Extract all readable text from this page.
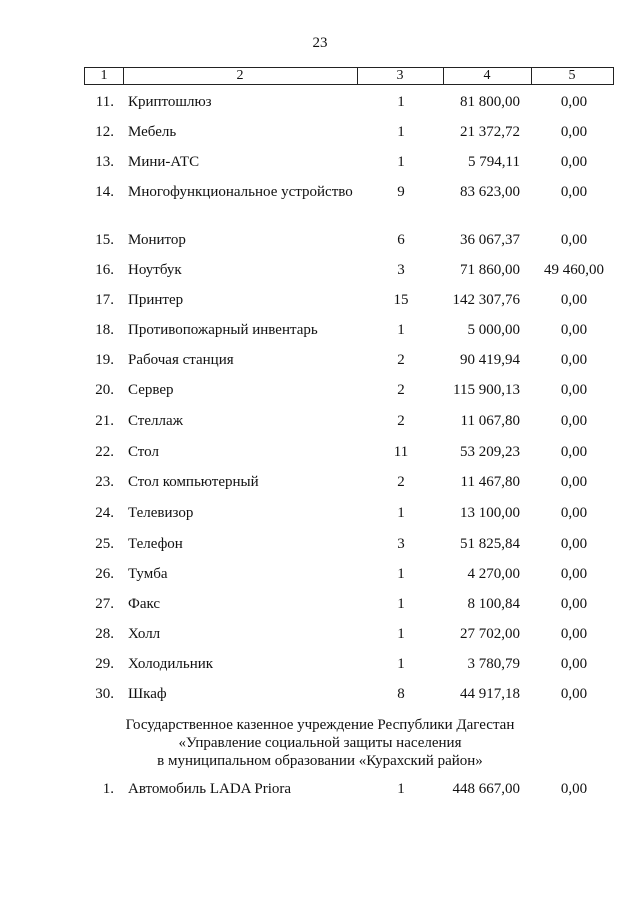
23
1	2	3	4	5
11. Криптошлюз	1	81 800,00	0,00
12. Мебель	1	21 372,72	0,00
13. Мини-АТС	1	5 794,11	0,00
14. Многофункциональное устройство	9	83 623,00	0,00
15. Монитор	6	36 067,37	0,00
16. Ноутбук	3	71 860,00	49 460,00
17. Принтер	15	142 307,76	0,00
18. Противопожарный инвентарь	1	5 000,00	0,00
19. Рабочая станция	2	90 419,94	0,00
20. Сервер	2	115 900,13	0,00
21. Стеллаж	2	11 067,80	0,00
22. Стол	11	53 209,23	0,00
23. Стол компьютерный	2	11 467,80	0,00
24. Телевизор	1	13 100,00	0,00
25. Телефон	3	51 825,84	0,00
26. Тумба	1	4 270,00	0,00
27. Факс	1	8 100,84	0,00
28. Холл	1	27 702,00	0,00
29. Холодильник	1	3 780,79	0,00
30. Шкаф	8	44 917,18	0,00
Государственное казенное учреждение Республики Дагестан
«Управление социальной защиты населения
в муниципальном образовании «Курахский район»
1. Автомобиль LADA Priora	1	448 667,00	0,00
